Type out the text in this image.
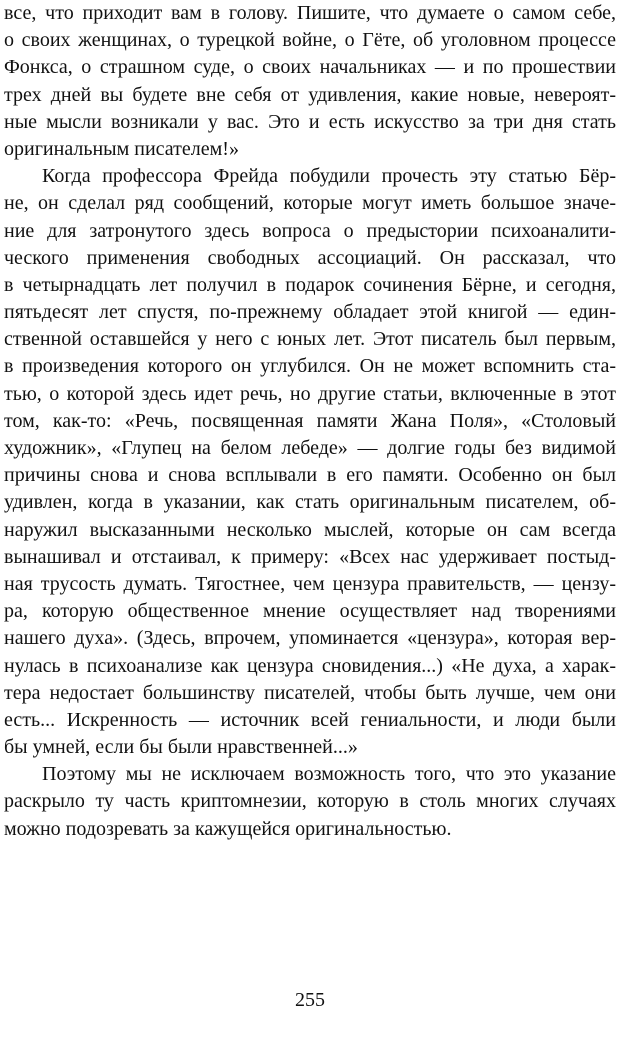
все, что приходит вам в голову. Пишите, что думаете о самом себе,
о своих женщинах, о турецкой войне, о Гёте, об уголовном процессе
Фонкса, о страшном суде, о своих начальниках — и по прошествии
трех дней вы будете вне себя от удивления, какие новые, невероят-
ные мысли возникали у вас. Это и есть искусство за три дня стать
оригинальным писателем!»
Когда профессора Фрейда побудили прочесть эту статью Бёр-
не, он сделал ряд сообщений, которые могут иметь большое значе-
ние для затронутого здесь вопроса о предыстории психоаналити-
ческого применения свободных ассоциаций. Он рассказал, что
в четырнадцать лет получил в подарок сочинения Бёрне, и сегодня,
пятьдесят лет спустя, по-прежнему обладает этой книгой — един-
ственной оставшейся у него с юных лет. Этот писатель был первым,
в произведения которого он углубился. Он не может вспомнить ста-
тью, о которой здесь идет речь, но другие статьи, включенные в этот
том, как-то: «Речь, посвященная памяти Жана Поля», «Столовый
художник», «Глупец на белом лебеде» — долгие годы без видимой
причины снова и снова всплывали в его памяти. Особенно он был
удивлен, когда в указании, как стать оригинальным писателем, об-
наружил высказанными несколько мыслей, которые он сам всегда
вынашивал и отстаивал, к примеру: «Всех нас удерживает постыд-
ная трусость думать. Тягостнее, чем цензура правительств, — цензу-
ра, которую общественное мнение осуществляет над творениями
нашего духа». (Здесь, впрочем, упоминается «цензура», которая вер-
нулась в психоанализе как цензура сновидения...) «Не духа, а харак-
тера недостает большинству писателей, чтобы быть лучше, чем они
есть... Искренность — источник всей гениальности, и люди были
бы умней, если бы были нравственней...»
Поэтому мы не исключаем возможность того, что это указание
раскрыло ту часть криптомнезии, которую в столь многих случаях
можно подозревать за кажущейся оригинальностью.
255
